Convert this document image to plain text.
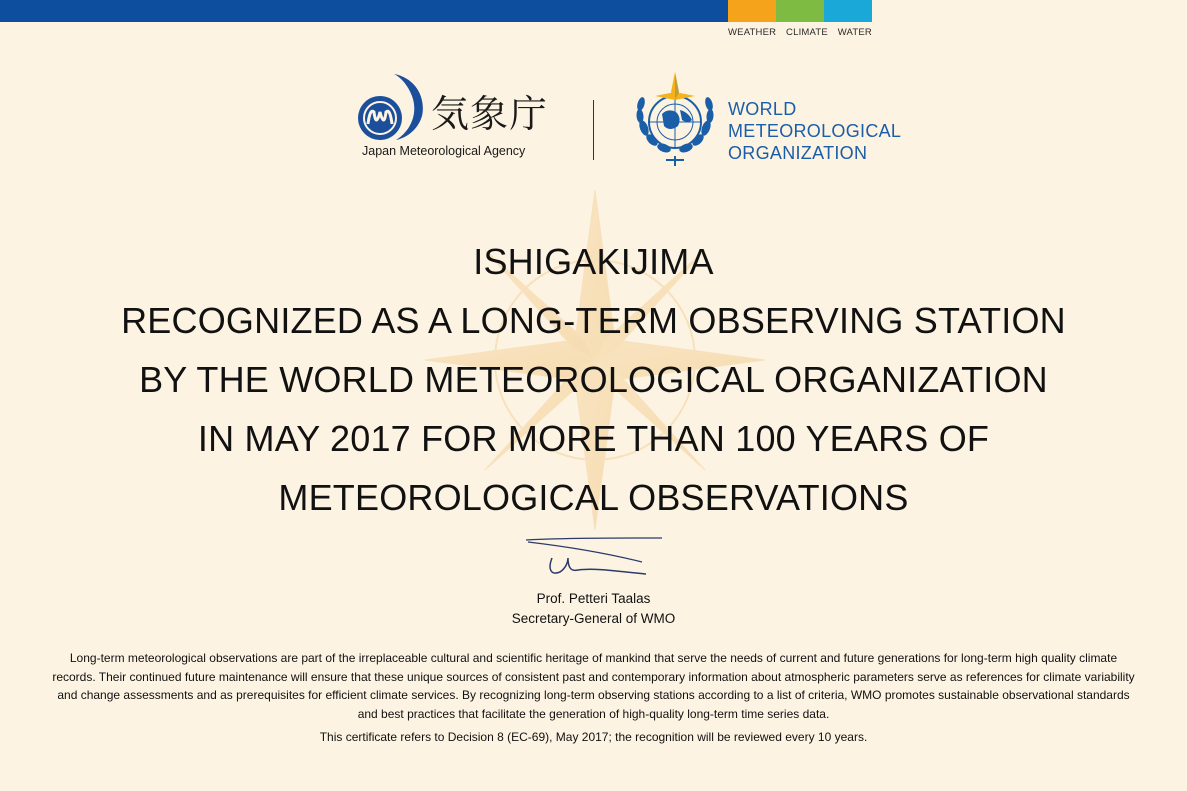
WEATHER CLIMATE WATER
気象庁
Japan Meteorological Agency
WORLD
METEOROLOGICAL
ORGANIZATION
ISHIGAKIJIMA
RECOGNIZED AS A LONG-TERM OBSERVING STATION
BY THE WORLD METEOROLOGICAL ORGANIZATION
IN MAY 2017 FOR MORE THAN 100 YEARS OF
METEOROLOGICAL OBSERVATIONS
Prof. Petteri Taalas
Secretary-General of WMO
Long-term meteorological observations are part of the irreplaceable cultural and scientific heritage of mankind that serve the needs of current and future generations for long-term high quality climate records. Their continued future maintenance will ensure that these unique sources of consistent past and contemporary information about atmospheric parameters serve as references for climate variability and change assessments and as prerequisites for efficient climate services. By recognizing long-term observing stations according to a list of criteria, WMO promotes sustainable observational standards and best practices that facilitate the generation of high-quality long-term time series data.
This certificate refers to Decision 8 (EC-69), May 2017; the recognition will be reviewed every 10 years.
